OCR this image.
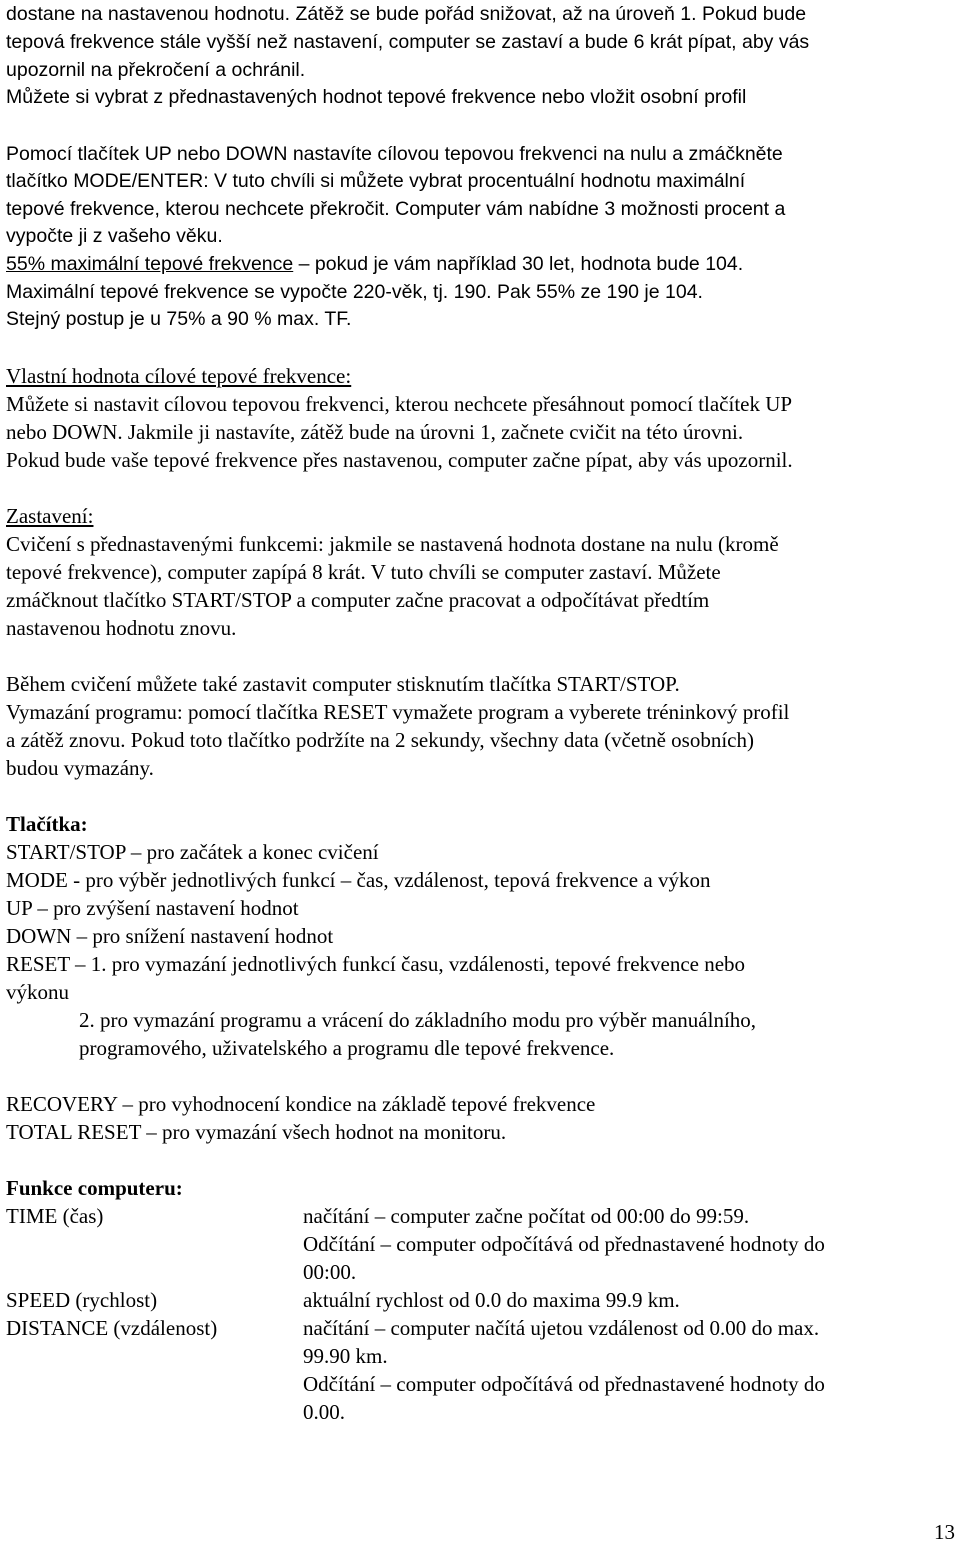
dostane na nastavenou hodnotu. Zátěž se bude pořád snižovat, až na úroveň 1. Pokud bude

tepová frekvence stále vyšší než nastavení, computer se zastaví a bude 6 krát pípat, aby vás

upozornil na překročení a ochránil.

Můžete si vybrat z přednastavených hodnot tepové frekvence nebo vložit osobní profil

Pomocí tlačítek UP nebo DOWN nastavíte cílovou tepovou frekvenci na nulu a zmáčkněte

tlačítko MODE/ENTER: V tuto chvíli si můžete vybrat procentuální hodnotu maximální

tepové frekvence, kterou nechcete překročit. Computer vám nabídne 3 možnosti procent a

vypočte ji z vašeho věku.

55% maximální tepové frekvence – pokud je vám například 30 let, hodnota bude 104.

Maximální tepové frekvence se vypočte 220-věk, tj. 190. Pak 55% ze 190 je 104.

Stejný postup je u 75% a 90 % max. TF.

Vlastní hodnota cílové tepové frekvence:

Můžete si nastavit cílovou tepovou frekvenci, kterou nechcete přesáhnout pomocí tlačítek UP

nebo DOWN. Jakmile ji nastavíte, zátěž bude na úrovni 1, začnete cvičit na této úrovni.

Pokud bude vaše tepové frekvence přes nastavenou, computer začne pípat, aby vás upozornil.

Zastavení:

Cvičení s přednastavenými funkcemi: jakmile se nastavená hodnota dostane na nulu (kromě

tepové frekvence), computer zapípá 8 krát. V tuto chvíli se computer zastaví. Můžete

zmáčknout tlačítko START/STOP a computer začne pracovat a odpočítávat předtím

nastavenou hodnotu znovu.

Během cvičení můžete také zastavit computer stisknutím tlačítka START/STOP.

Vymazání programu: pomocí tlačítka RESET vymažete program a vyberete tréninkový profil

a zátěž znovu. Pokud toto tlačítko podržíte na 2 sekundy, všechny data (včetně osobních)

budou vymazány.

Tlačítka:

START/STOP – pro začátek a konec cvičení

MODE - pro výběr jednotlivých funkcí – čas, vzdálenost, tepová frekvence a výkon

UP – pro zvýšení nastavení hodnot

DOWN – pro snížení nastavení hodnot

RESET – 1. pro vymazání jednotlivých funkcí času, vzdálenosti, tepové frekvence nebo

výkonu

2. pro vymazání programu a vrácení do základního modu pro výběr manuálního,

programového, uživatelského a programu dle tepové frekvence.

RECOVERY – pro vyhodnocení kondice na základě tepové frekvence

TOTAL RESET – pro vymazání všech hodnot na monitoru.

Funkce computeru:

TIME (čas)	načítání – computer začne počítat od 00:00 do 99:59.

Odčítání – computer odpočítává od přednastavené hodnoty do

00:00.

SPEED (rychlost)	aktuální rychlost od 0.0 do maxima 99.9 km.

DISTANCE (vzdálenost)	načítání – computer načítá ujetou vzdálenost od 0.00 do max.

99.90 km.

Odčítání – computer odpočítává od přednastavené hodnoty do

0.00.

13
